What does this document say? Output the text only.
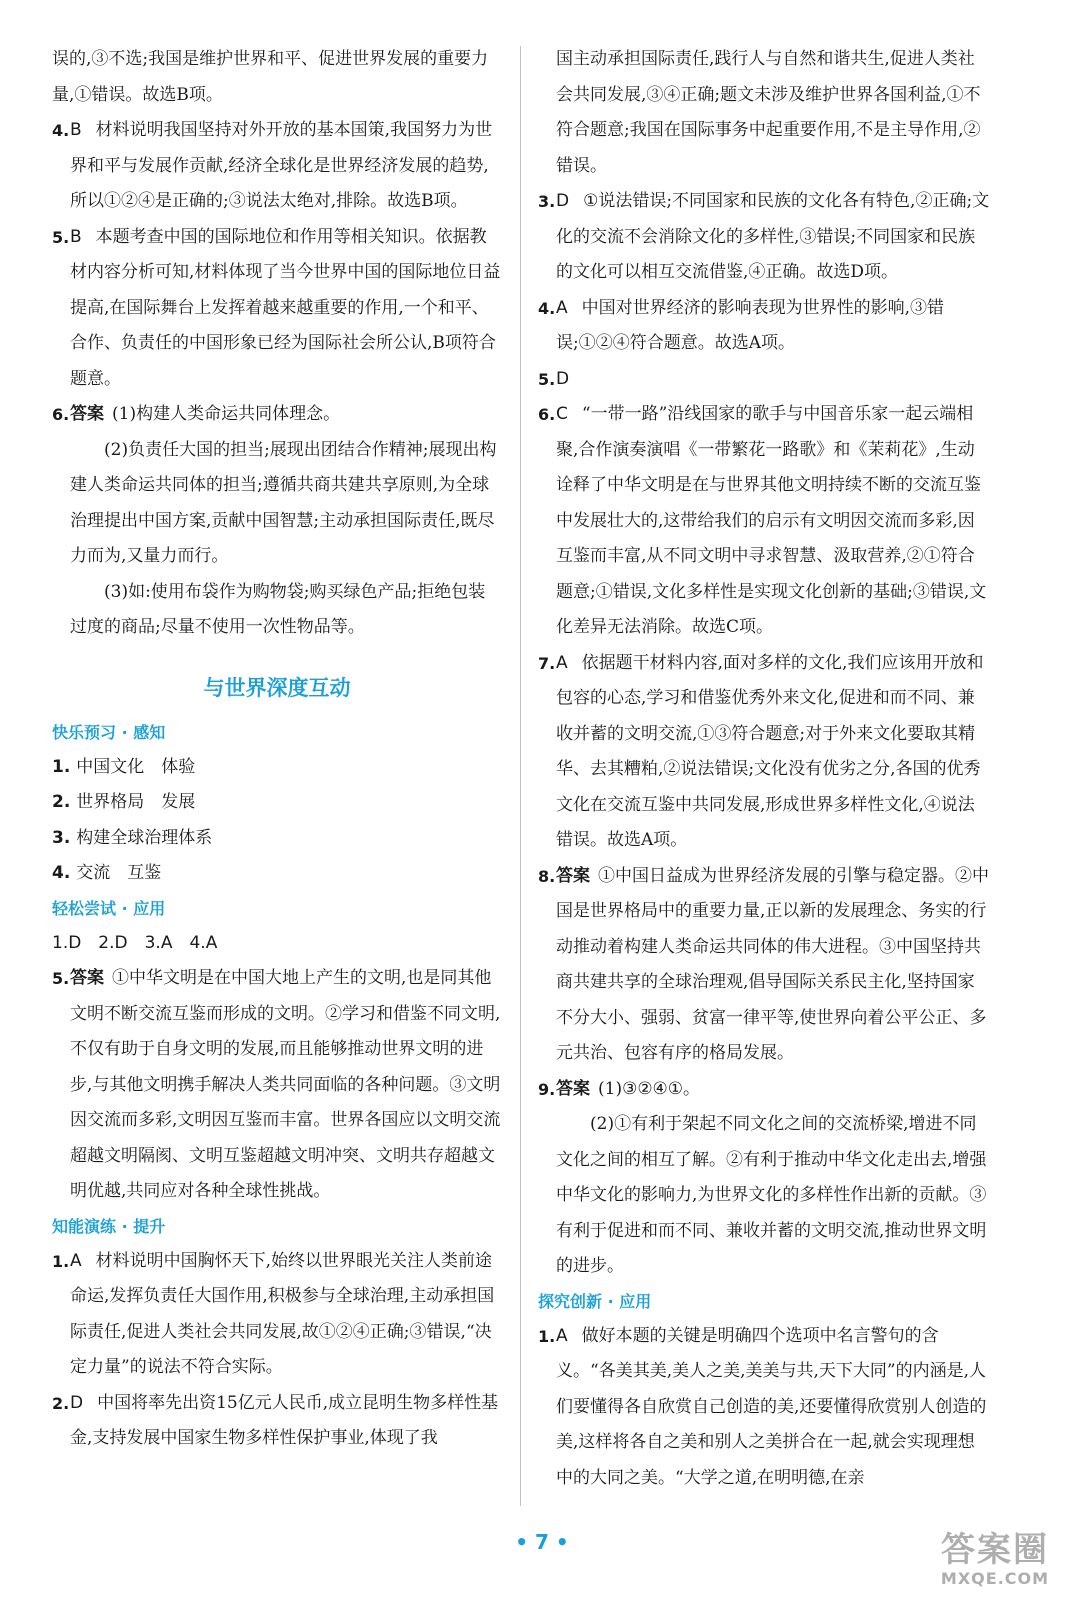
误的,③不选;我国是维护世界和平、促进世界发展的重要力量,①错误。故选B项。
4. B 材料说明我国坚持对外开放的基本国策,我国努力为世界和平与发展作贡献,经济全球化是世界经济发展的趋势,所以①②④是正确的;③说法太绝对,排除。故选B项。
5. B 本题考查中国的国际地位和作用等相关知识。依据教材内容分析可知,材料体现了当今世界中国的国际地位日益提高,在国际舞台上发挥着越来越重要的作用,一个和平、合作、负责任的中国形象已经为国际社会所公认,B项符合题意。
6. 答案 (1)构建人类命运共同体理念。
(2)负责任大国的担当;展现出团结合作精神;展现出构建人类命运共同体的担当;遵循共商共建共享原则,为全球治理提出中国方案,贡献中国智慧;主动承担国际责任,既尽力而为,又量力而行。
(3)如:使用布袋作为购物袋;购买绿色产品;拒绝包装过度的商品;尽量不使用一次性物品等。
与世界深度互动
快乐预习 · 感知
1. 中国文化　体验
2. 世界格局　发展
3. 构建全球治理体系
4. 交流　互鉴
轻松尝试 · 应用
1.D　2.D　3.A　4.A
5. 答案 ①中华文明是在中国大地上产生的文明,也是同其他文明不断交流互鉴而形成的文明。②学习和借鉴不同文明,不仅有助于自身文明的发展,而且能够推动世界文明的进步,与其他文明携手解决人类共同面临的各种问题。③文明因交流而多彩,文明因互鉴而丰富。世界各国应以文明交流超越文明隔阂、文明互鉴超越文明冲突、文明共存超越文明优越,共同应对各种全球性挑战。
知能演练 · 提升
1. A 材料说明中国胸怀天下,始终以世界眼光关注人类前途命运,发挥负责任大国作用,积极参与全球治理,主动承担国际责任,促进人类社会共同发展,故①②④正确;③错误,“决定力量”的说法不符合实际。
2. D 中国将率先出资15亿元人民币,成立昆明生物多样性基金,支持发展中国家生物多样性保护事业,体现了我
国主动承担国际责任,践行人与自然和谐共生,促进人类社会共同发展,③④正确;题文未涉及维护世界各国利益,①不符合题意;我国在国际事务中起重要作用,不是主导作用,②错误。
3. D ①说法错误;不同国家和民族的文化各有特色,②正确;文化的交流不会消除文化的多样性,③错误;不同国家和民族的文化可以相互交流借鉴,④正确。故选D项。
4. A 中国对世界经济的影响表现为世界性的影响,③错误;①②④符合题意。故选A项。
5. D
6. C “一带一路”沿线国家的歌手与中国音乐家一起云端相聚,合作演奏演唱《一带繁花一路歌》和《茉莉花》,生动诠释了中华文明是在与世界其他文明持续不断的交流互鉴中发展壮大的,这带给我们的启示有文明因交流而多彩,因互鉴而丰富,从不同文明中寻求智慧、汲取营养,②①符合题意;①错误,文化多样性是实现文化创新的基础;③错误,文化差异无法消除。故选C项。
7. A 依据题干材料内容,面对多样的文化,我们应该用开放和包容的心态,学习和借鉴优秀外来文化,促进和而不同、兼收并蓄的文明交流,①③符合题意;对于外来文化要取其精华、去其糟粕,②说法错误;文化没有优劣之分,各国的优秀文化在交流互鉴中共同发展,形成世界多样性文化,④说法错误。故选A项。
8. 答案 ①中国日益成为世界经济发展的引擎与稳定器。②中国是世界格局中的重要力量,正以新的发展理念、务实的行动推动着构建人类命运共同体的伟大进程。③中国坚持共商共建共享的全球治理观,倡导国际关系民主化,坚持国家不分大小、强弱、贫富一律平等,使世界向着公平公正、多元共治、包容有序的格局发展。
9. 答案 (1)③②④①。
(2)①有利于架起不同文化之间的交流桥梁,增进不同文化之间的相互了解。②有利于推动中华文化走出去,增强中华文化的影响力,为世界文化的多样性作出新的贡献。③有利于促进和而不同、兼收并蓄的文明交流,推动世界文明的进步。
探究创新 · 应用
1. A 做好本题的关键是明确四个选项中名言警句的含义。“各美其美,美人之美,美美与共,天下大同”的内涵是,人们要懂得各自欣赏自己创造的美,还要懂得欣赏别人创造的美,这样将各自之美和别人之美拼合在一起,就会实现理想中的大同之美。“大学之道,在明明德,在亲
• 7 •	答案圈
MXQE.COM
